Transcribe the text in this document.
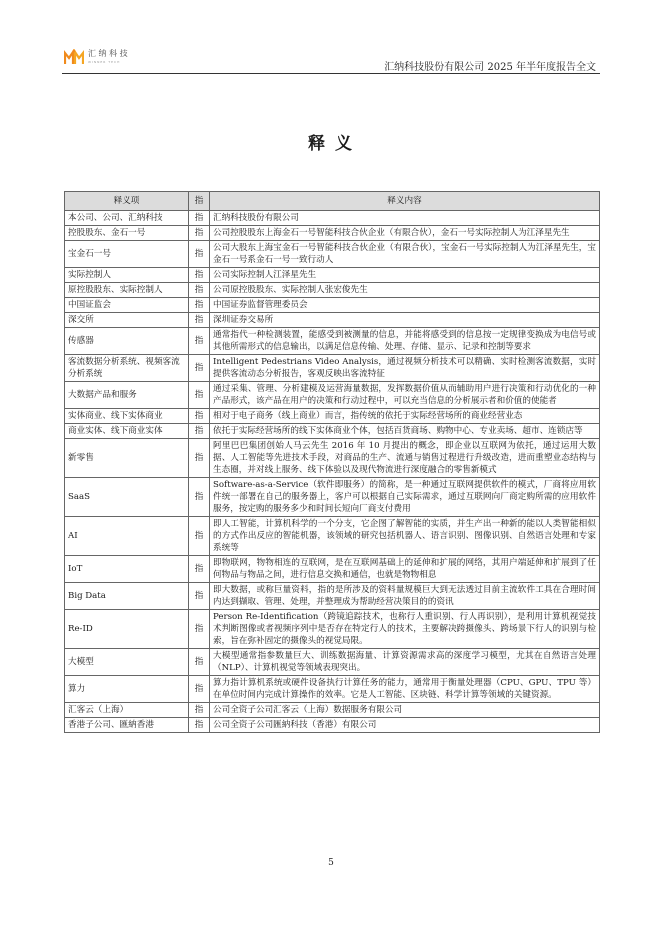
汇 纳 科 技
WINNER TECH	汇纳科技股份有限公司 2025 年半年度报告全文
释 义
释义项	指	释义内容
本公司、公司、汇纳科技	指	汇纳科技股份有限公司
控股股东、金石一号	指	公司控股股东上海金石一号智能科技合伙企业（有限合伙），金石一号实际控制人为江泽星先生
宝金石一号	指	公司大股东上海宝金石一号智能科技合伙企业（有限合伙），宝金石一号实际控制人为江泽星先生，宝金石一号系金石一号一致行动人
实际控制人	指	公司实际控制人江泽星先生
原控股股东、实际控制人	指	公司原控股股东、实际控制人张宏俊先生
中国证监会	指	中国证券监督管理委员会
深交所	指	深圳证券交易所
传感器	指	通常指代一种检测装置，能感受到被测量的信息，并能将感受到的信息按一定规律变换成为电信号或其他所需形式的信息输出，以满足信息传输、处理、存储、显示、记录和控制等要求
客流数据分析系统、视频客流分析系统	指	Intelligent Pedestrians Video Analysis，通过视频分析技术可以精确、实时检测客流数据，实时提供客流动态分析报告，客观反映出客流特征
大数据产品和服务	指	通过采集、管理、分析建模及运营海量数据，发挥数据价值从而辅助用户进行决策和行动优化的一种产品形式，该产品在用户的决策和行动过程中，可以充当信息的分析展示者和价值的使能者
实体商业、线下实体商业	指	相对于电子商务（线上商业）而言，指传统的依托于实际经营场所的商业经营业态
商业实体、线下商业实体	指	依托于实际经营场所的线下实体商业个体，包括百货商场、购物中心、专业卖场、超市、连锁店等
新零售	指	阿里巴巴集团创始人马云先生 2016 年 10 月提出的概念，即企业以互联网为依托，通过运用大数据、人工智能等先进技术手段，对商品的生产、流通与销售过程进行升级改造，进而重塑业态结构与生态圈，并对线上服务、线下体验以及现代物流进行深度融合的零售新模式
SaaS	指	Software-as-a-Service（软件即服务）的简称，是一种通过互联网提供软件的模式，厂商将应用软件统一部署在自己的服务器上，客户可以根据自己实际需求，通过互联网向厂商定购所需的应用软件服务，按定购的服务多少和时间长短向厂商支付费用
AI	指	即人工智能，计算机科学的一个分支，它企图了解智能的实质，并生产出一种新的能以人类智能相似的方式作出反应的智能机器，该领域的研究包括机器人、语言识别、图像识别、自然语言处理和专家系统等
IoT	指	即物联网，物物相连的互联网，是在互联网基础上的延伸和扩展的网络，其用户端延伸和扩展到了任何物品与物品之间，进行信息交换和通信，也就是物物相息
Big Data	指	即大数据，或称巨量资料，指的是所涉及的资料量规模巨大到无法透过目前主流软件工具在合理时间内达到撷取、管理、处理，并整理成为帮助经营决策目的的资讯
Re-ID	指	Person Re-Identification（跨镜追踪技术，也称行人重识别、行人再识别），是利用计算机视觉技术判断图像或者视频序列中是否存在特定行人的技术，主要解决跨摄像头、跨场景下行人的识别与检索，旨在弥补固定的摄像头的视觉局限。
大模型	指	大模型通常指参数量巨大、训练数据海量、计算资源需求高的深度学习模型，尤其在自然语言处理（NLP）、计算机视觉等领域表现突出。
算力	指	算力指计算机系统或硬件设备执行计算任务的能力，通常用于衡量处理器（CPU、GPU、TPU 等）在单位时间内完成计算操作的效率。它是人工智能、区块链、科学计算等领域的关键资源。
汇客云（上海）	指	公司全资子公司汇客云（上海）数据服务有限公司
香港子公司、匯納香港	指	公司全资子公司匯納科技（香港）有限公司
5
